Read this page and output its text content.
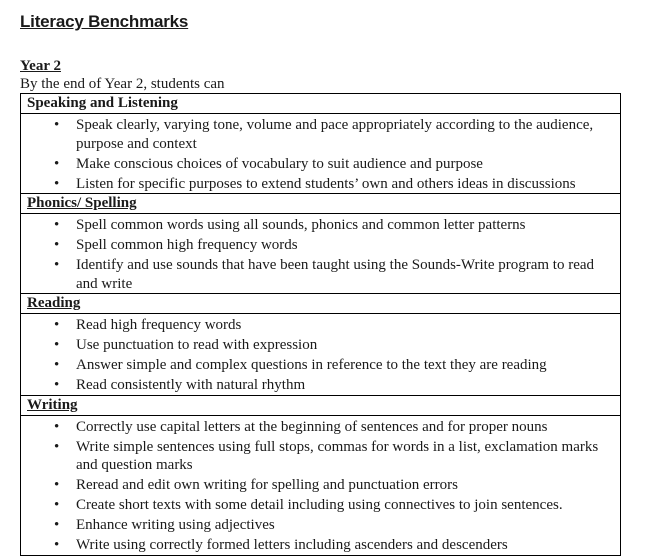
Literacy Benchmarks
Year 2
By the end of Year 2, students can
Speaking and Listening
• Speak clearly, varying tone, volume and pace appropriately according to the audience, purpose and context
• Make conscious choices of vocabulary to suit audience and purpose
• Listen for specific purposes to extend students’ own and others ideas in discussions
Phonics/ Spelling
• Spell common words using all sounds, phonics and common letter patterns
• Spell common high frequency words
• Identify and use sounds that have been taught using the Sounds-Write program to read and write
Reading
• Read high frequency words
• Use punctuation to read with expression
• Answer simple and complex questions in reference to the text they are reading
• Read consistently with natural rhythm
Writing
• Correctly use capital letters at the beginning of sentences and for proper nouns
• Write simple sentences using full stops, commas for words in a list, exclamation marks and question marks
• Reread and edit own writing for spelling and punctuation errors
• Create short texts with some detail including using connectives to join sentences.
• Enhance writing using adjectives
• Write using correctly formed letters including ascenders and descenders
